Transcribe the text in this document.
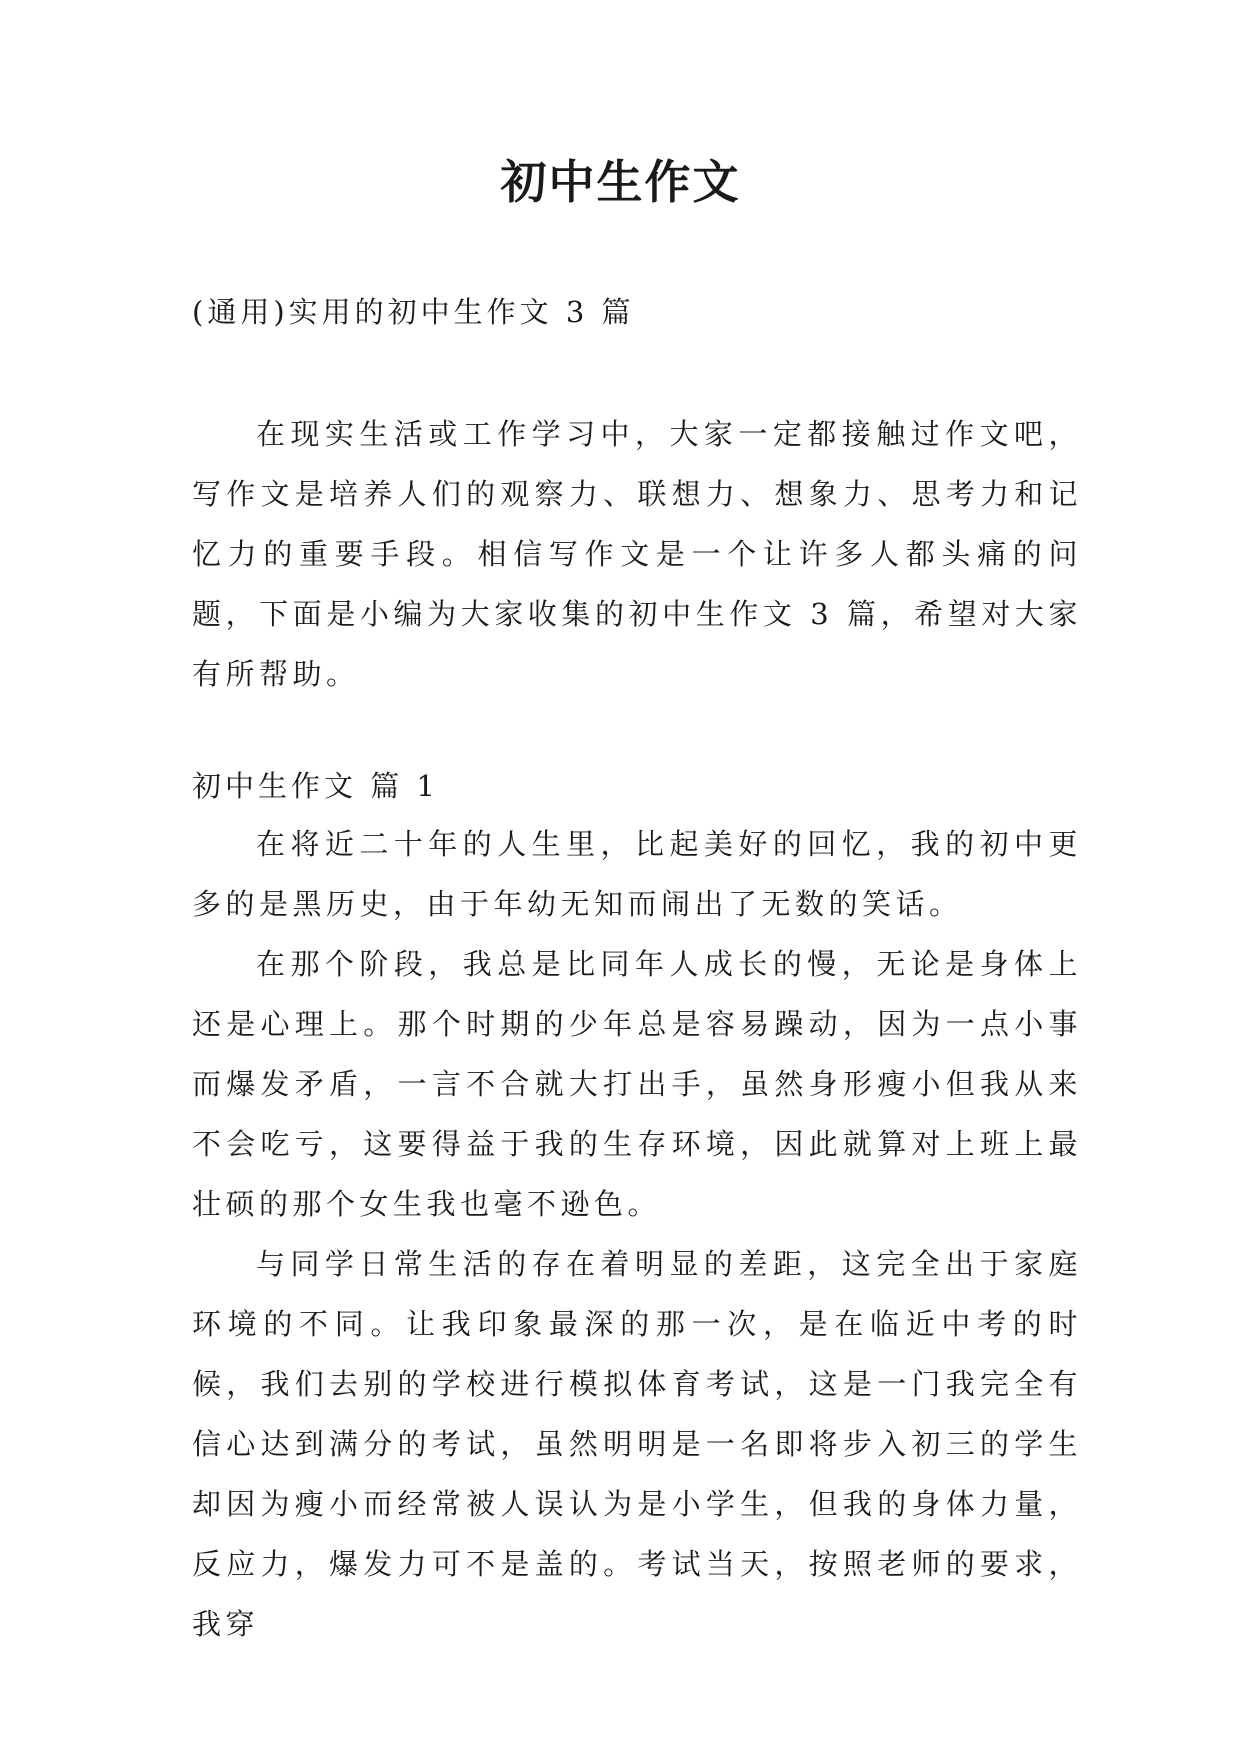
初中生作文

(通用)实用的初中生作文 3 篇

在现实生活或工作学习中，大家一定都接触过作文吧，写作文是培养人们的观察力、联想力、想象力、思考力和记忆力的重要手段。相信写作文是一个让许多人都头痛的问题，下面是小编为大家收集的初中生作文 3 篇，希望对大家有所帮助。

初中生作文 篇 1

在将近二十年的人生里，比起美好的回忆，我的初中更多的是黑历史，由于年幼无知而闹出了无数的笑话。

在那个阶段，我总是比同年人成长的慢，无论是身体上还是心理上。那个时期的少年总是容易躁动，因为一点小事而爆发矛盾，一言不合就大打出手，虽然身形瘦小但我从来不会吃亏，这要得益于我的生存环境，因此就算对上班上最壮硕的那个女生我也毫不逊色。

与同学日常生活的存在着明显的差距，这完全出于家庭环境的不同。让我印象最深的那一次，是在临近中考的时候，我们去别的学校进行模拟体育考试，这是一门我完全有信心达到满分的考试，虽然明明是一名即将步入初三的学生却因为瘦小而经常被人误认为是小学生，但我的身体力量，反应力，爆发力可不是盖的。考试当天，按照老师的要求，我穿
